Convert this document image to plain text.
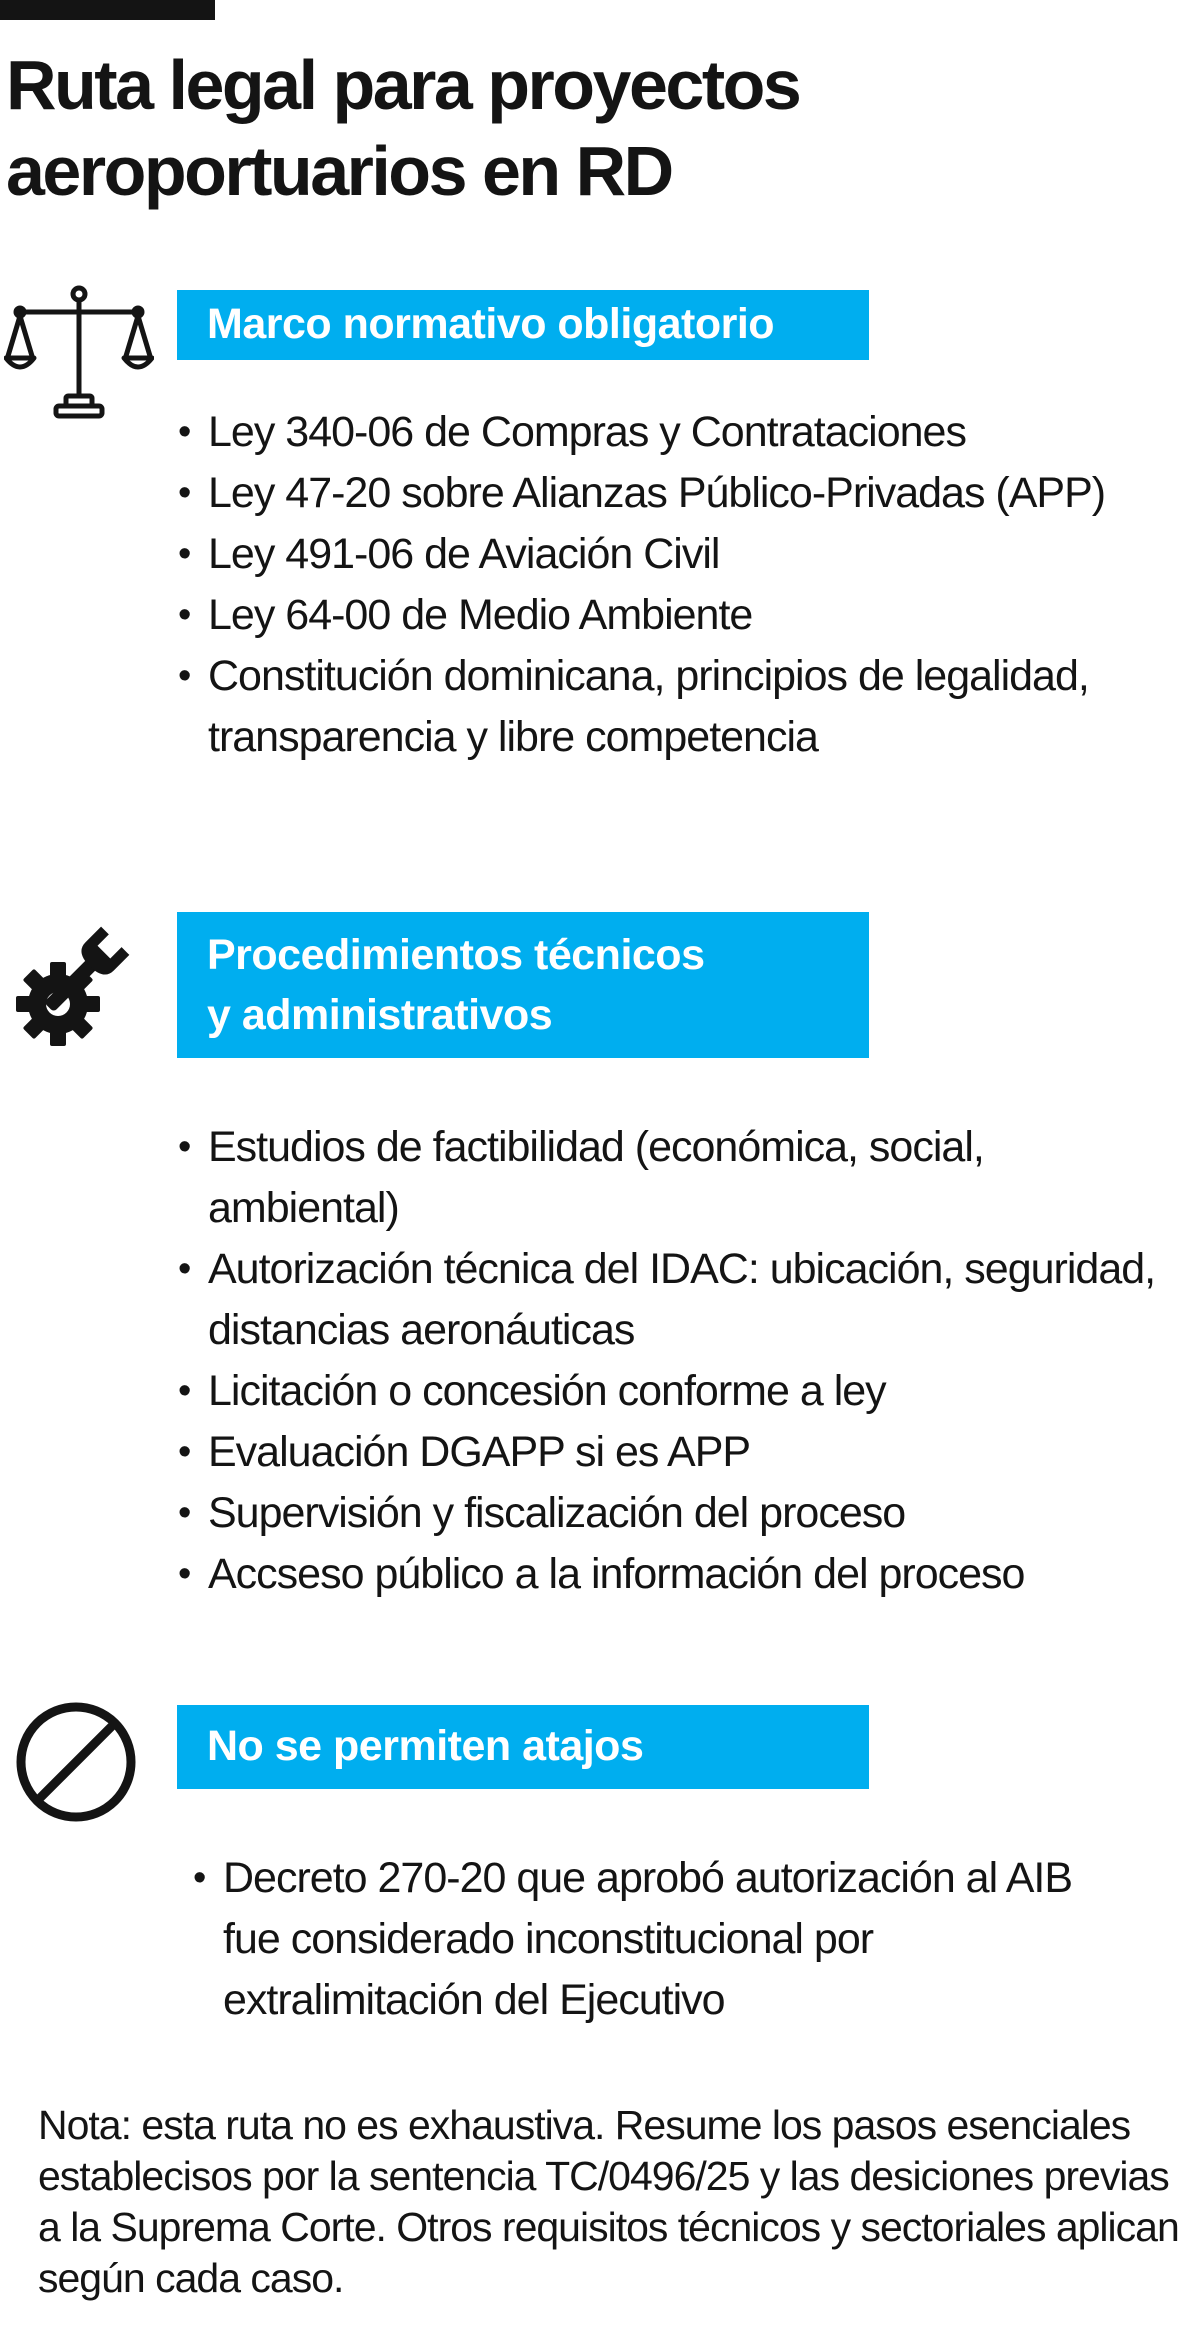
Ruta legal para proyectos
aeroportuarios en RD
Marco normativo obligatorio
• Ley 340-06 de Compras y Contrataciones
• Ley 47-20 sobre Alianzas Público-Privadas (APP)
• Ley 491-06 de Aviación Civil
• Ley 64-00 de Medio Ambiente
• Constitución dominicana, principios de legalidad, transparencia y libre competencia
Procedimientos técnicos
y administrativos
• Estudios de factibilidad (económica, social, ambiental)
• Autorización técnica del IDAC: ubicación, seguridad, distancias aeronáuticas
• Licitación o concesión conforme a ley
• Evaluación DGAPP si es APP
• Supervisión y fiscalización del proceso
• Accseso público a la información del proceso
No se permiten atajos
• Decreto 270-20 que aprobó autorización al AIB fue considerado inconstitucional por extralimitación del Ejecutivo

Nota: esta ruta no es exhaustiva. Resume los pasos esenciales establecisos por la sentencia TC/0496/25 y las desiciones previas a la Suprema Corte. Otros requisitos técnicos y sectoriales aplican según cada caso.
